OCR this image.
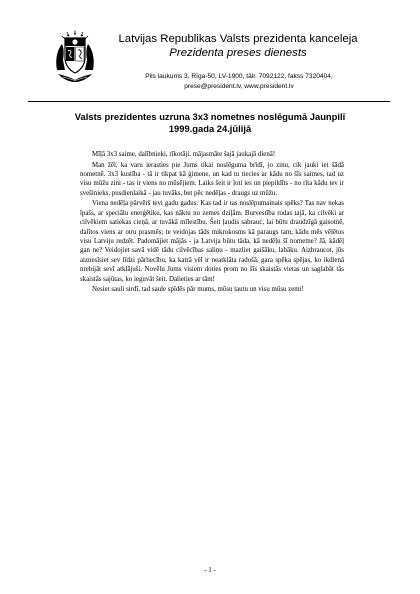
Latvijas Republikas Valsts prezidenta kanceleja
Prezidenta preses dienests
Pils laukums 3, Rīga-50, LV-1900, tālr. 7092122, fakss 7320404,
prese@president.lv, www.president.lv
Valsts prezidentes uzruna 3x3 nometnes noslēgumā Jaunpilī
1999.gada 24.jūlijā

Mīļā 3x3 saime, dalībnieki, rīkotāji, mājasmāte šajā jaukajā dienā!

Man žēl, ka varu ierasties pie Jums tikai noslēguma brīdī, jo zinu, cik jauki iet šādā nometnē. 3x3 kustība - tā ir tikpat kā ģimene, un kad tu tiecies ar kādu no šīs saimes, tad uz visu mūžu zini - tas ir viens no mūsējiem. Laiks šeit ir ļoti ies un piepildīts - no rīta kādu tev ir svešinieks, pusdienlaikā - jau tuvāks, bet pēc nedēļas - draugs uz mūžu.

Viena nedēļa pārvērš tevi gadu gadus. Kas tad ir tas noslēpumainais spēks? Tas nav nekas īpašs, ar speciālu enerģētiku, kas nāktu no zemes dziļām. Burvestība rodas tajā, ka cilvēki ar cilvēkiem satiekas cieņā, ar tuvākā mīlestību. Šeit ļaudis sabrauc, lai būtu draudzīgā gaisotnē, dalītos viens ar otru prasmēs; te veidojas tāds mikrokosms kā paraugs tam, kādu mēs vēlētos visu Latviju redzēt. Padomājiet mājās - ja Latvija būtu tāda, kā nedēļu šī nometne? Jā, kādēļ gan ne? Veidojiet savā vidē tādu cilvēcības saliņu - mazliet gaišāku, labāku. Aizbraucot, jūs aiznesīsiet sev līdzi pārliecību, ka katrā vēl ir neatklāta radošā, gara spēka spējas, ko ikdienā nrebijāt sevī atklājuši. Novēlu Jums visiem doties prom no šīs skaistās vietas un saglabāt tās skaistās sajūtas, ko ieguvāt šeit. Dalieties ar tām!

Nesiet sauli sirdī, tad saule spīdēs pār mums, mūsu tautu un visu mūsu zemi!

- 1 -
